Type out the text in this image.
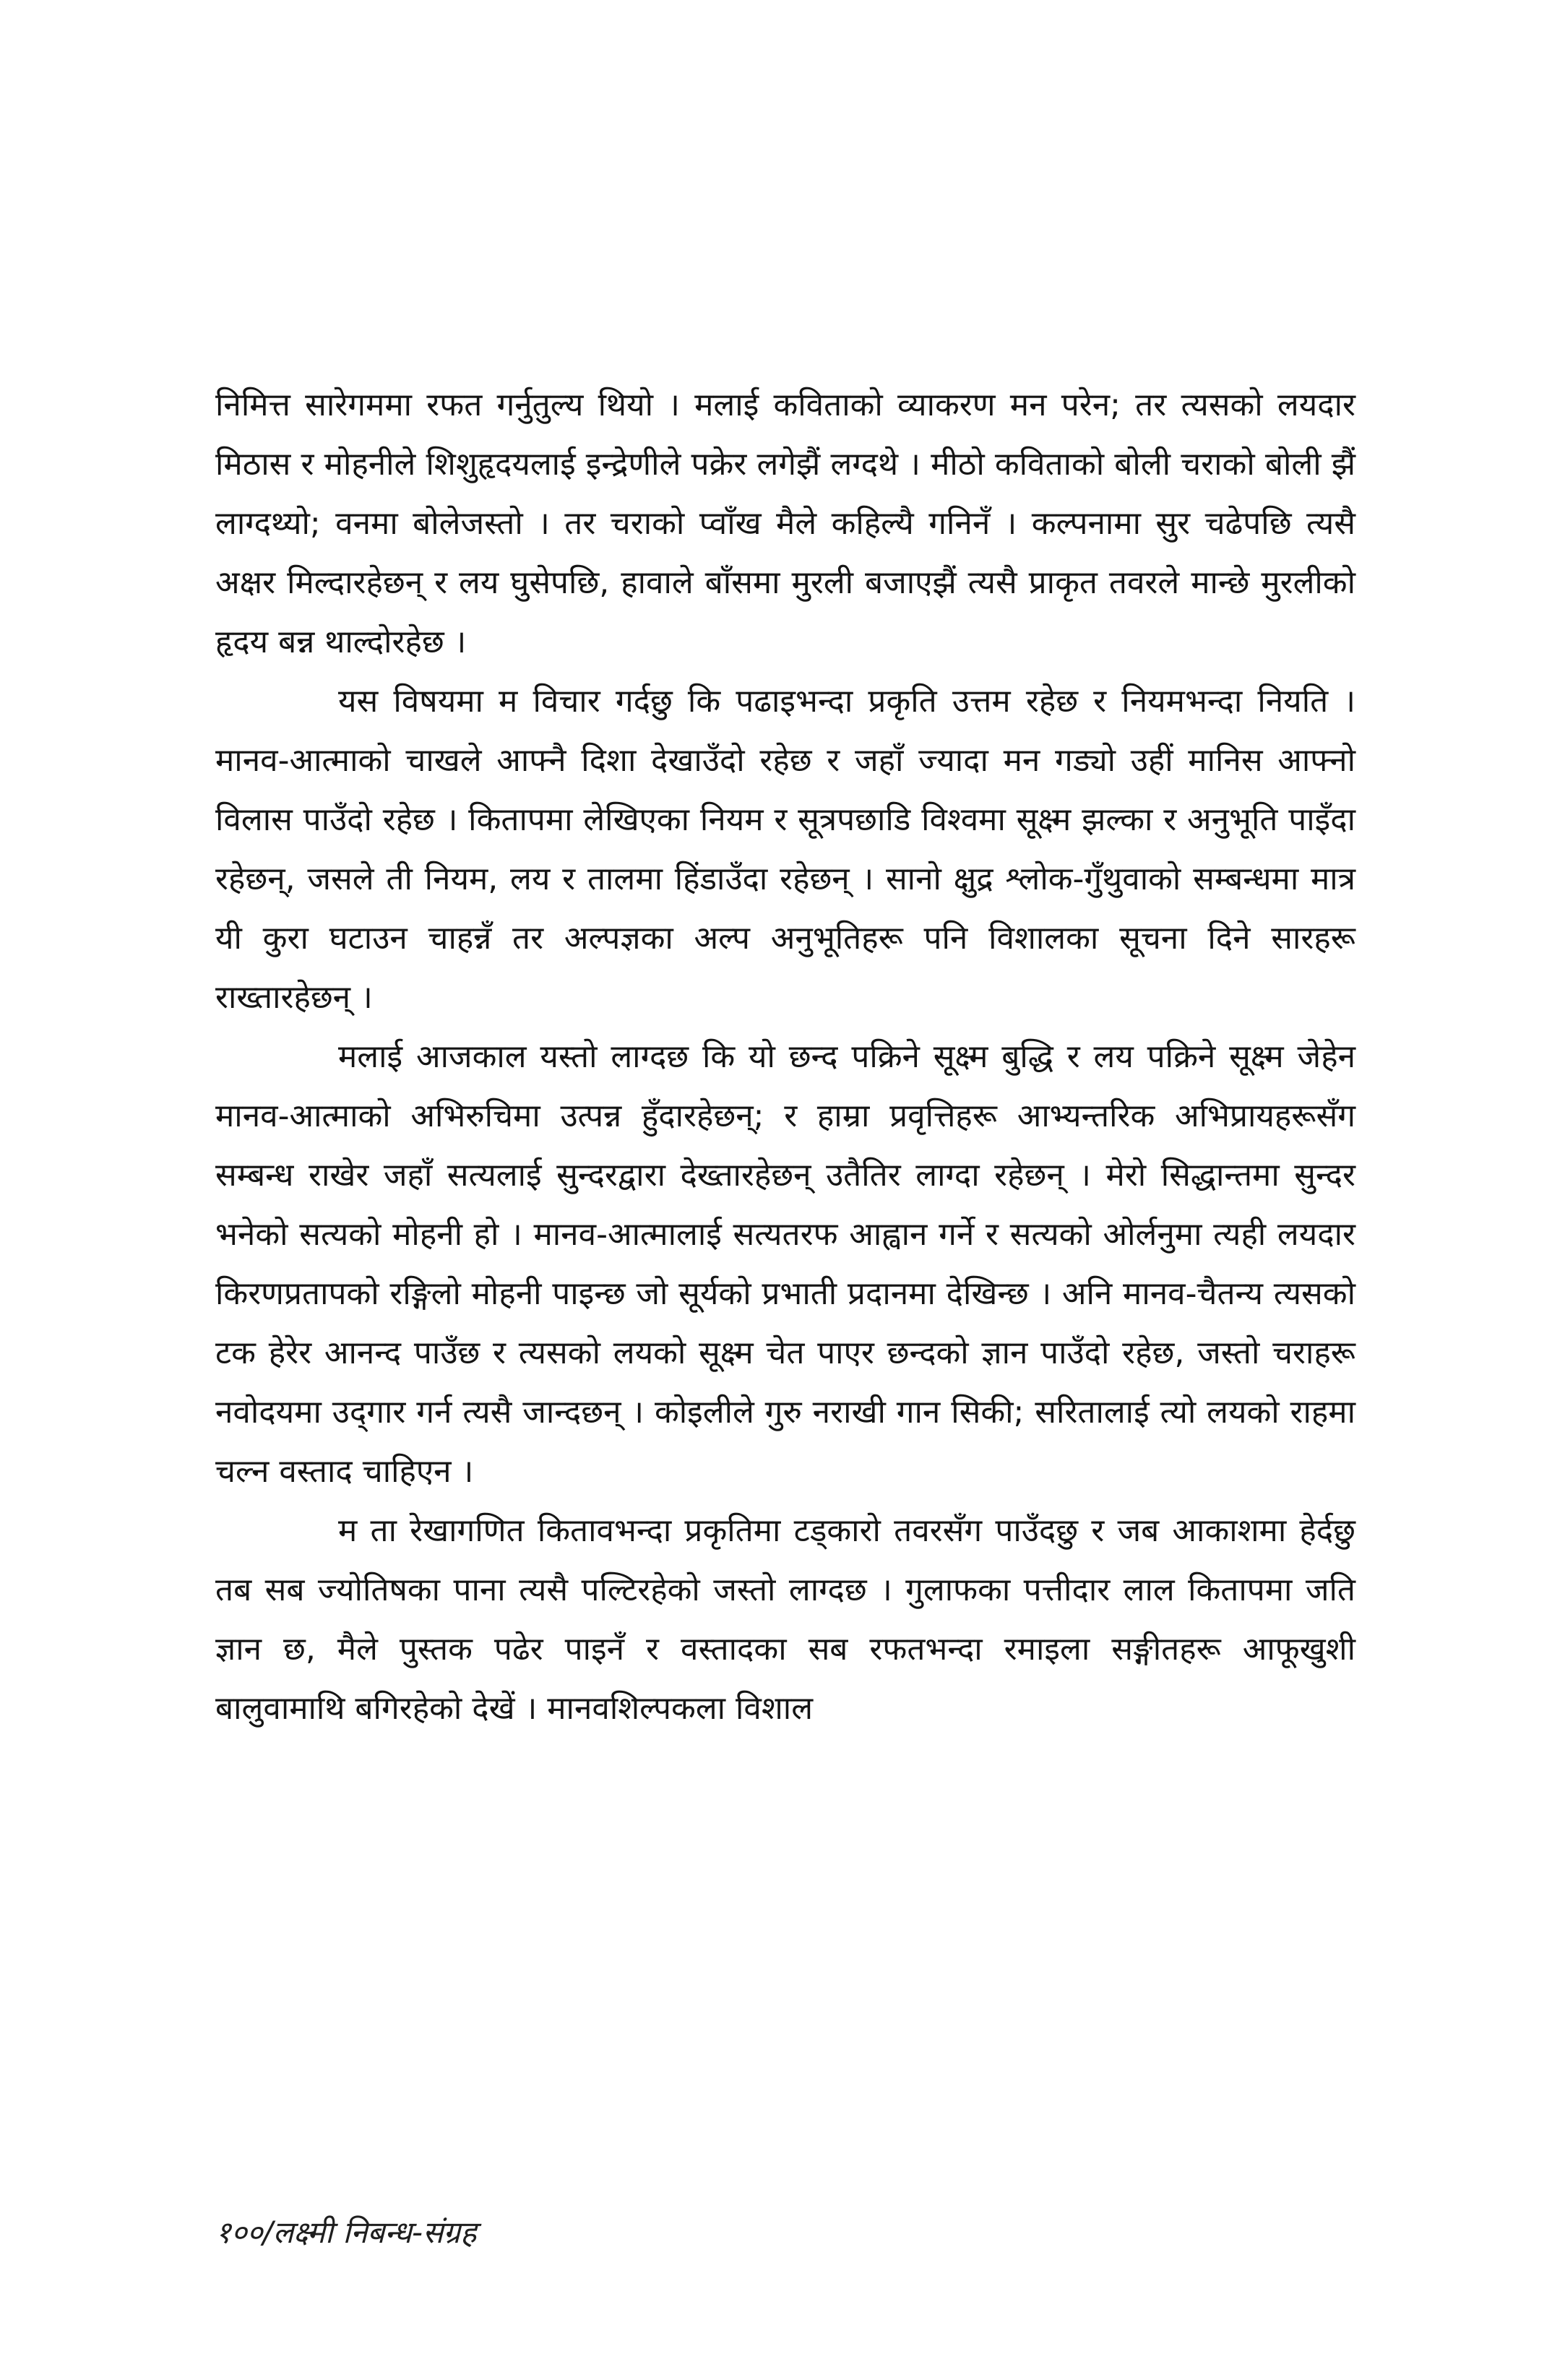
निमित्त सारेगममा रफत गर्नुतुल्य थियो । मलाई कविताको व्याकरण मन परेन; तर त्यसको लयदार मिठास र मोहनीले शिशुहृदयलाई इन्द्रेणीले पक्रेर लगेझैं लग्दथे । मीठो कविताको बोली चराको बोली झैं लाग्दथ्यो; वनमा बोलेजस्तो । तर चराको प्वाँख मैले कहिल्यै गनिनँ । कल्पनामा सुर चढेपछि त्यसै अक्षर मिल्दारहेछन् र लय घुसेपछि, हावाले बाँसमा मुरली बजाएझैं त्यसै प्राकृत तवरले मान्छे मुरलीको हृदय बन्न थाल्दोरहेछ ।

यस विषयमा म विचार गर्दछु कि पढाइभन्दा प्रकृति उत्तम रहेछ र नियमभन्दा नियति । मानव-आत्माको चाखले आफ्नै दिशा देखाउँदो रहेछ र जहाँ ज्यादा मन गड्यो उहीं मानिस आफ्नो विलास पाउँदो रहेछ । कितापमा लेखिएका नियम र सूत्रपछाडि विश्वमा सूक्ष्म झल्का र अनुभूति पाइँदा रहेछन्, जसले ती नियम, लय र तालमा हिंडाउँदा रहेछन् । सानो क्षुद्र श्लोक-गुँथुवाको सम्बन्धमा मात्र यी कुरा घटाउन चाहन्नँ तर अल्पज्ञका अल्प अनुभूतिहरू पनि विशालका सूचना दिने सारहरू राख्तारहेछन् ।

मलाई आजकाल यस्तो लाग्दछ कि यो छन्द पक्रिने सूक्ष्म बुद्धि र लय पक्रिने सूक्ष्म जेहेन मानव-आत्माको अभिरुचिमा उत्पन्न हुँदारहेछन्; र हाम्रा प्रवृत्तिहरू आभ्यन्तरिक अभिप्रायहरूसँग सम्बन्ध राखेर जहाँ सत्यलाई सुन्दरद्वारा देख्तारहेछन् उतैतिर लाग्दा रहेछन् । मेरो सिद्धान्तमा सुन्दर भनेको सत्यको मोहनी हो । मानव-आत्मालाई सत्यतरफ आह्वान गर्ने र सत्यको ओर्लनुमा त्यही लयदार किरणप्रतापको रङ्गिलो मोहनी पाइन्छ जो सूर्यको प्रभाती प्रदानमा देखिन्छ । अनि मानव-चैतन्य त्यसको टक हेरेर आनन्द पाउँछ र त्यसको लयको सूक्ष्म चेत पाएर छन्दको ज्ञान पाउँदो रहेछ, जस्तो चराहरू नवोदयमा उद्‌गार गर्न त्यसै जान्दछन् । कोइलीले गुरु नराखी गान सिकी; सरितालाई त्यो लयको राहमा चल्न वस्ताद चाहिएन ।

म ता रेखागणित कितावभन्दा प्रकृतिमा टड्कारो तवरसँग पाउँदछु र जब आकाशमा हेर्दछु तब सब ज्योतिषका पाना त्यसै पल्टिरहेको जस्तो लाग्दछ । गुलाफका पत्तीदार लाल कितापमा जति ज्ञान छ, मैले पुस्तक पढेर पाइनँ र वस्तादका सब रफतभन्दा रमाइला सङ्गीतहरू आफूखुशी बालुवामाथि बगिरहेको देखें । मानवशिल्पकला विशाल

१००/लक्ष्मी निबन्ध-संग्रह
